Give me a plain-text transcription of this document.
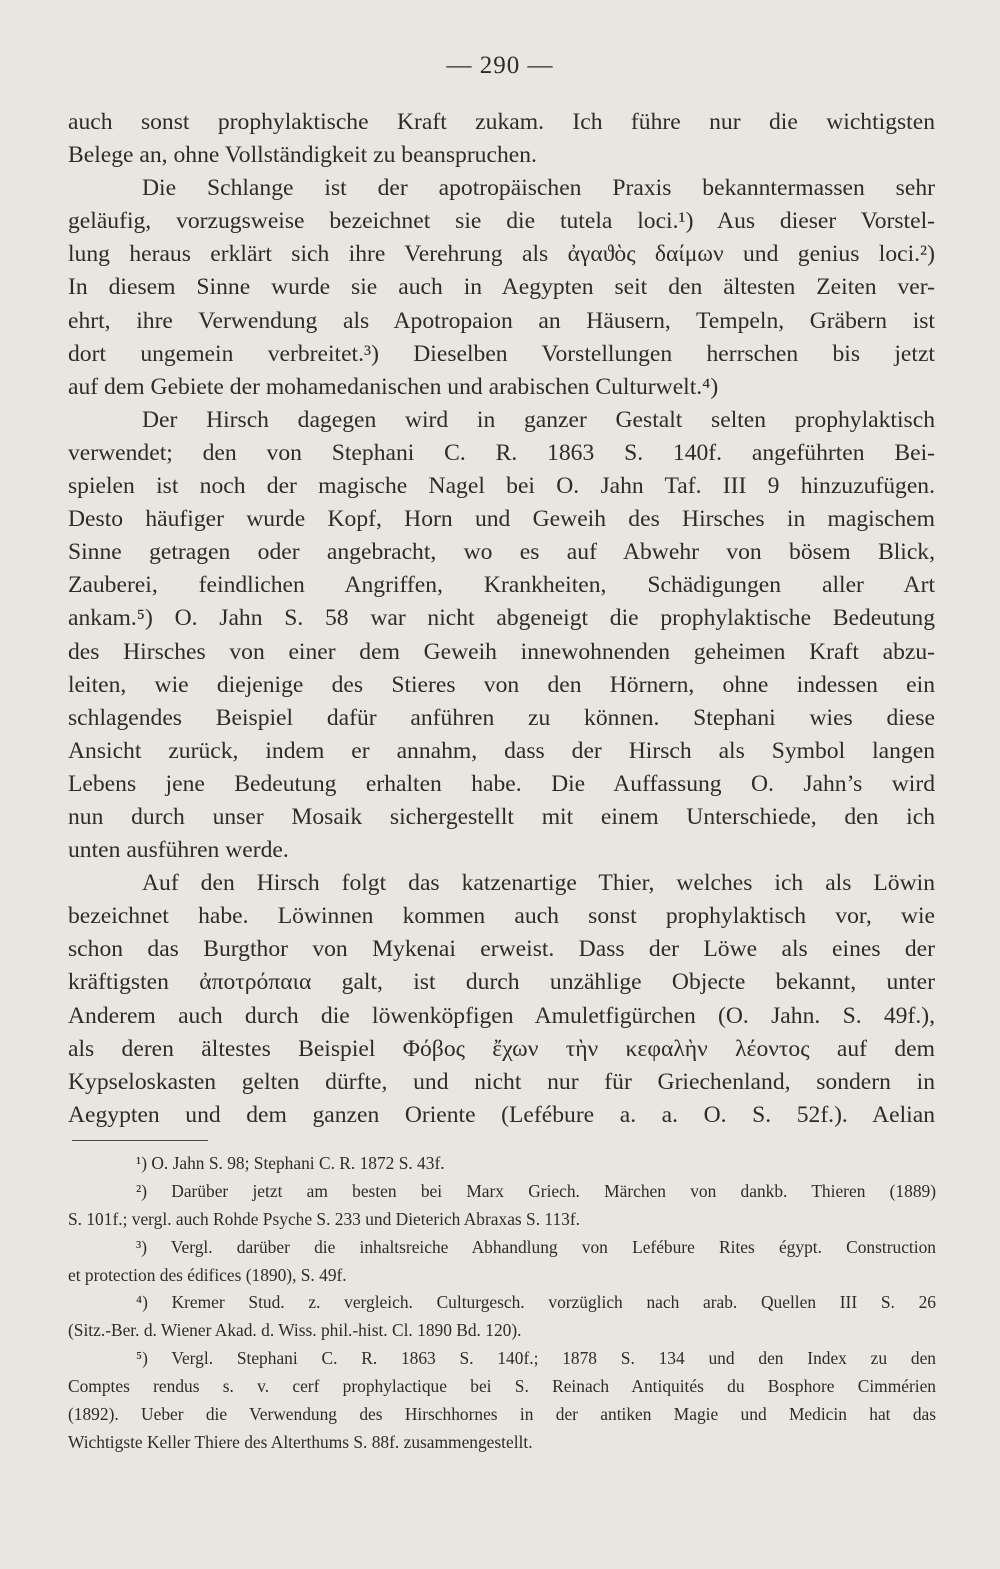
— 290 —
auch sonst prophylaktische Kraft zukam. Ich führe nur die wichtigsten
Belege an, ohne Vollständigkeit zu beanspruchen.
Die Schlange ist der apotropäischen Praxis bekanntermassen sehr
geläufig, vorzugsweise bezeichnet sie die tutela loci.¹) Aus dieser Vorstel-
lung heraus erklärt sich ihre Verehrung als ἀγαϑὸς δαίμων und genius loci.²)
In diesem Sinne wurde sie auch in Aegypten seit den ältesten Zeiten ver-
ehrt, ihre Verwendung als Apotropaion an Häusern, Tempeln, Gräbern ist
dort ungemein verbreitet.³) Dieselben Vorstellungen herrschen bis jetzt
auf dem Gebiete der mohamedanischen und arabischen Culturwelt.⁴)
Der Hirsch dagegen wird in ganzer Gestalt selten prophylaktisch
verwendet; den von Stephani C. R. 1863 S. 140f. angeführten Bei-
spielen ist noch der magische Nagel bei O. Jahn Taf. III 9 hinzuzufügen.
Desto häufiger wurde Kopf, Horn und Geweih des Hirsches in magischem
Sinne getragen oder angebracht, wo es auf Abwehr von bösem Blick,
Zauberei, feindlichen Angriffen, Krankheiten, Schädigungen aller Art
ankam.⁵) O. Jahn S. 58 war nicht abgeneigt die prophylaktische Bedeutung
des Hirsches von einer dem Geweih innewohnenden geheimen Kraft abzu-
leiten, wie diejenige des Stieres von den Hörnern, ohne indessen ein
schlagendes Beispiel dafür anführen zu können. Stephani wies diese
Ansicht zurück, indem er annahm, dass der Hirsch als Symbol langen
Lebens jene Bedeutung erhalten habe. Die Auffassung O. Jahn’s wird
nun durch unser Mosaik sichergestellt mit einem Unterschiede, den ich
unten ausführen werde.
Auf den Hirsch folgt das katzenartige Thier, welches ich als Löwin
bezeichnet habe. Löwinnen kommen auch sonst prophylaktisch vor, wie
schon das Burgthor von Mykenai erweist. Dass der Löwe als eines der
kräftigsten ἀποτρόπαια galt, ist durch unzählige Objecte bekannt, unter
Anderem auch durch die löwenköpfigen Amuletfigürchen (O. Jahn. S. 49f.),
als deren ältestes Beispiel Φόβος ἔχων τὴν κεφαλὴν λέοντος auf dem
Kypseloskasten gelten dürfte, und nicht nur für Griechenland, sondern in
Aegypten und dem ganzen Oriente (Lefébure a. a. O. S. 52f.). Aelian
¹) O. Jahn S. 98; Stephani C. R. 1872 S. 43f.
²) Darüber jetzt am besten bei Marx Griech. Märchen von dankb. Thieren (1889)
S. 101f.; vergl. auch Rohde Psyche S. 233 und Dieterich Abraxas S. 113f.
³) Vergl. darüber die inhaltsreiche Abhandlung von Lefébure Rites égypt. Construction
et protection des édifices (1890), S. 49f.
⁴) Kremer Stud. z. vergleich. Culturgesch. vorzüglich nach arab. Quellen III S. 26
(Sitz.-Ber. d. Wiener Akad. d. Wiss. phil.-hist. Cl. 1890 Bd. 120).
⁵) Vergl. Stephani C. R. 1863 S. 140f.; 1878 S. 134 und den Index zu den
Comptes rendus s. v. cerf prophylactique bei S. Reinach Antiquités du Bosphore Cimmérien
(1892). Ueber die Verwendung des Hirschhornes in der antiken Magie und Medicin hat das
Wichtigste Keller Thiere des Alterthums S. 88f. zusammengestellt.
